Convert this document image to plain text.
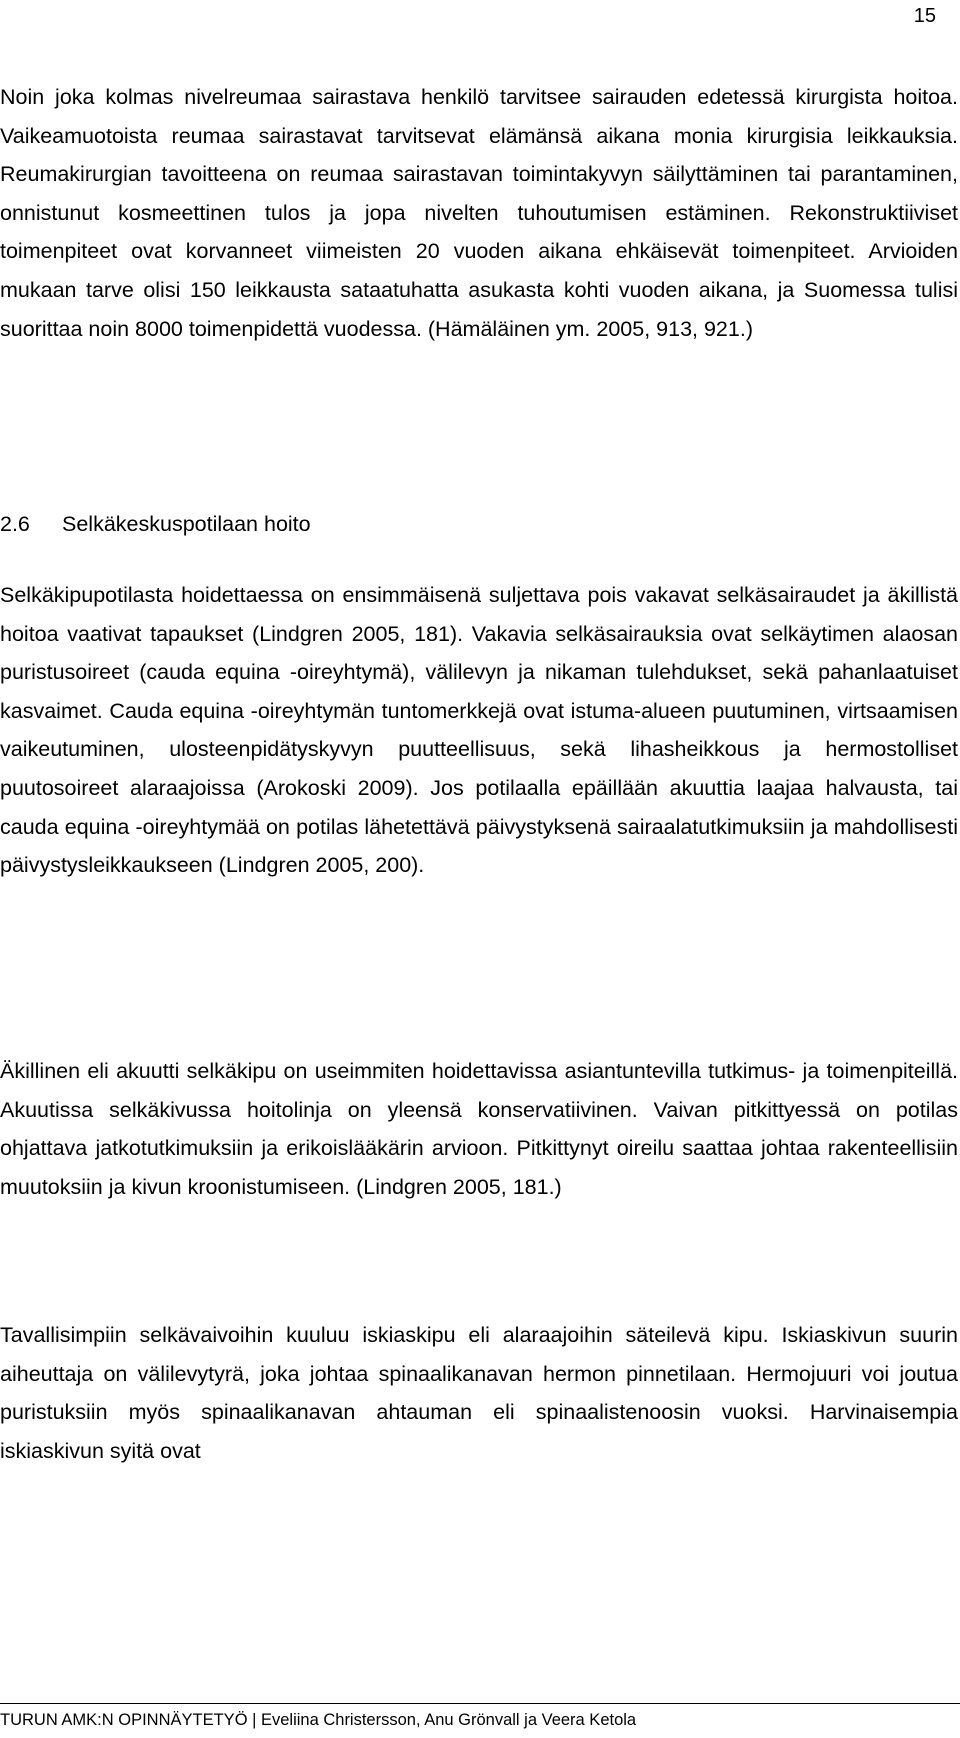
15

Noin joka kolmas nivelreumaa sairastava henkilö tarvitsee sairauden edetessä kirurgista hoitoa. Vaikeamuotoista reumaa sairastavat tarvitsevat elämänsä aikana monia kirurgisia leikkauksia. Reumakirurgian tavoitteena on reumaa sairastavan toimintakyvyn säilyttäminen tai parantaminen, onnistunut kosmeettinen tulos ja jopa nivelten tuhoutumisen estäminen. Rekonstruktiiviset toimenpiteet ovat korvanneet viimeisten 20 vuoden aikana ehkäisevät toimenpiteet. Arvioiden mukaan tarve olisi 150 leikkausta sataatuhatta asukasta kohti vuoden aikana, ja Suomessa tulisi suorittaa noin 8000 toimenpidettä vuodessa. (Hämäläinen ym. 2005, 913, 921.)

2.6 Selkäkeskuspotilaan hoito

Selkäkipupotilasta hoidettaessa on ensimmäisenä suljettava pois vakavat selkäsairaudet ja äkillistä hoitoa vaativat tapaukset (Lindgren 2005, 181). Vakavia selkäsairauksia ovat selkäytimen alaosan puristusoireet (cauda equina -oireyhtymä), välilevyn ja nikaman tulehdukset, sekä pahanlaatuiset kasvaimet. Cauda equina -oireyhtymän tuntomerkkejä ovat istuma-alueen puutuminen, virtsaamisen vaikeutuminen, ulosteenpidätyskyvyn puutteellisuus, sekä lihasheikkous ja hermostolliset puutosoireet alaraajoissa (Arokoski 2009). Jos potilaalla epäillään akuuttia laajaa halvausta, tai cauda equina -oireyhtymää on potilas lähetettävä päivystyksenä sairaalatutkimuksiin ja mahdollisesti päivystysleikkaukseen (Lindgren 2005, 200).

Äkillinen eli akuutti selkäkipu on useimmiten hoidettavissa asiantuntevilla tutkimus- ja toimenpiteillä. Akuutissa selkäkivussa hoitolinja on yleensä konservatiivinen. Vaivan pitkittyessä on potilas ohjattava jatkotutkimuksiin ja erikoislääkärin arvioon. Pitkittynyt oireilu saattaa johtaa rakenteellisiin muutoksiin ja kivun kroonistumiseen. (Lindgren 2005, 181.)

Tavallisimpiin selkävaivoihin kuuluu iskiaskipu eli alaraajoihin säteilevä kipu. Iskiaskivun suurin aiheuttaja on välilevytyrä, joka johtaa spinaalikanavan hermon pinnetilaan. Hermojuuri voi joutua puristuksiin myös spinaalikanavan ahtauman eli spinaalistenoosin vuoksi. Harvinaisempia iskiaskivun syitä ovat

TURUN AMK:N OPINNÄYTETYÖ | Eveliina Christersson, Anu Grönvall ja Veera Ketola
